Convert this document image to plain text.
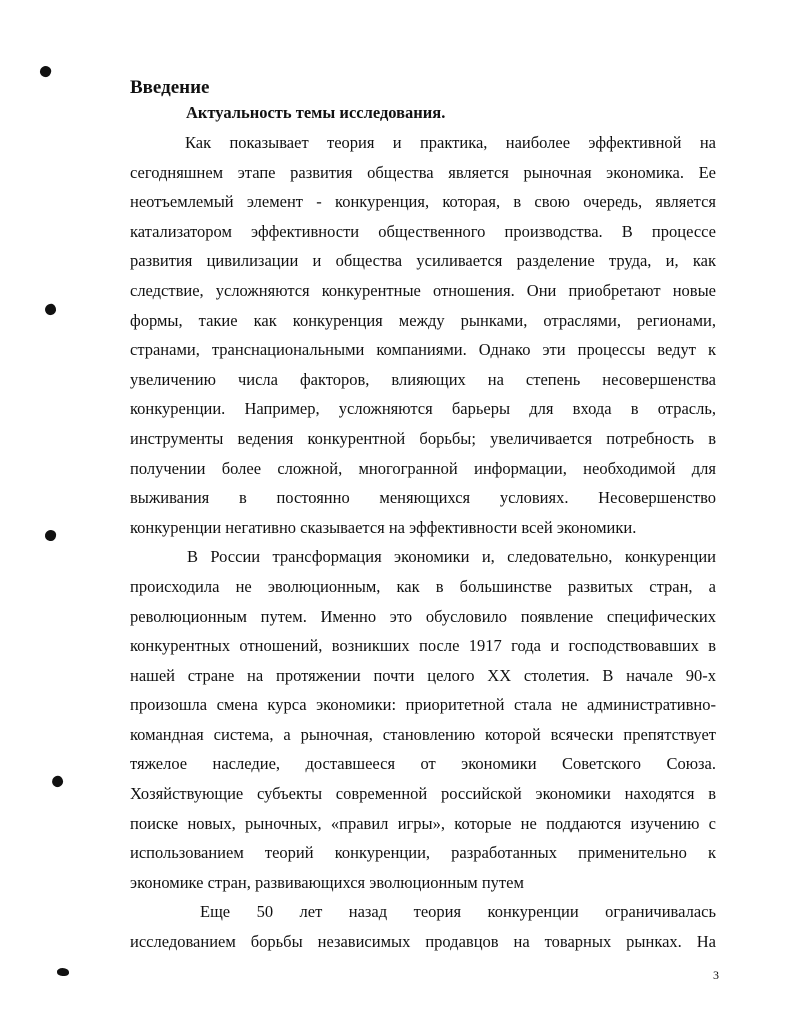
Введение
Актуальность темы исследования.
Как показывает теория и практика, наиболее эффективной на
сегодняшнем этапе развития общества является рыночная экономика. Ее
неотъемлемый элемент - конкуренция, которая, в свою очередь, является
катализатором эффективности общественного производства. В процессе
развития цивилизации и общества усиливается разделение труда, и, как
следствие, усложняются конкурентные отношения. Они приобретают новые
формы, такие как конкуренция между рынками, отраслями, регионами,
странами, транснациональными компаниями. Однако эти процессы ведут к
увеличению числа факторов, влияющих на степень несовершенства
конкуренции. Например, усложняются барьеры для входа в отрасль,
инструменты ведения конкурентной борьбы; увеличивается потребность в
получении более сложной, многогранной информации, необходимой для
выживания в постоянно меняющихся условиях. Несовершенство
конкуренции негативно сказывается на эффективности всей экономики.
В России трансформация экономики и, следовательно, конкуренции
происходила не эволюционным, как в большинстве развитых стран, а
революционным путем. Именно это обусловило появление специфических
конкурентных отношений, возникших после 1917 года и господствовавших в
нашей стране на протяжении почти целого XX столетия. В начале 90-х
произошла смена курса экономики: приоритетной стала не административно-
командная система, а рыночная, становлению которой всячески препятствует
тяжелое наследие, доставшееся от экономики Советского Союза.
Хозяйствующие субъекты современной российской экономики находятся в
поиске новых, рыночных, «правил игры», которые не поддаются изучению с
использованием теорий конкуренции, разработанных применительно к
экономике стран, развивающихся эволюционным путем
Еще 50 лет назад теория конкуренции ограничивалась
исследованием борьбы независимых продавцов на товарных рынках. На
3
